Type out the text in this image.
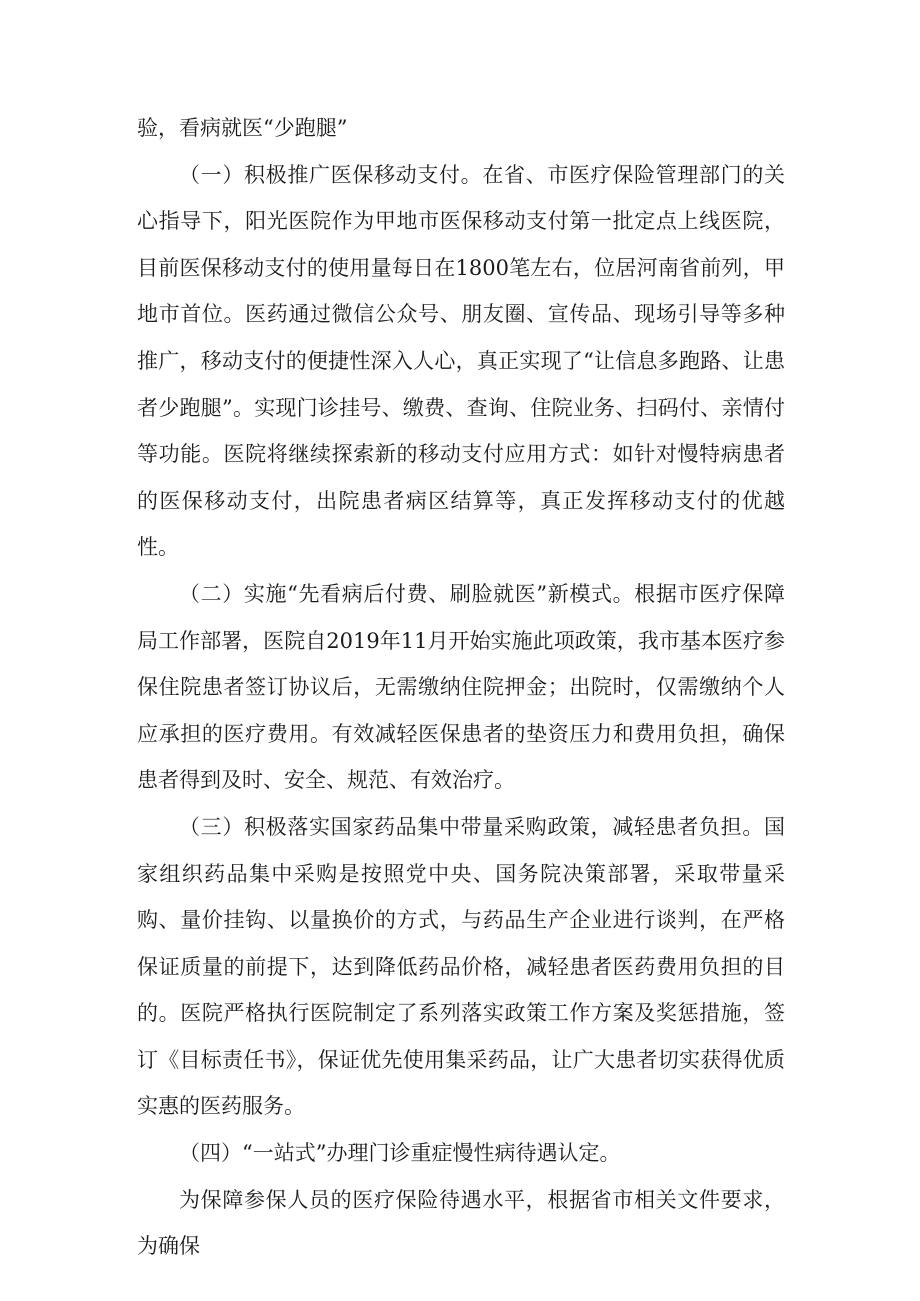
验，看病就医“少跑腿”

（一）积极推广医保移动支付。在省、市医疗保险管理部门的关心指导下，阳光医院作为甲地市医保移动支付第一批定点上线医院，目前医保移动支付的使用量每日在1800笔左右，位居河南省前列，甲地市首位。医药通过微信公众号、朋友圈、宣传品、现场引导等多种推广，移动支付的便捷性深入人心，真正实现了“让信息多跑路、让患者少跑腿”。实现门诊挂号、缴费、查询、住院业务、扫码付、亲情付等功能。医院将继续探索新的移动支付应用方式：如针对慢特病患者的医保移动支付，出院患者病区结算等，真正发挥移动支付的优越性。

（二）实施“先看病后付费、刷脸就医”新模式。根据市医疗保障局工作部署，医院自2019年11月开始实施此项政策，我市基本医疗参保住院患者签订协议后，无需缴纳住院押金；出院时，仅需缴纳个人应承担的医疗费用。有效减轻医保患者的垫资压力和费用负担，确保患者得到及时、安全、规范、有效治疗。

（三）积极落实国家药品集中带量采购政策，减轻患者负担。国家组织药品集中采购是按照党中央、国务院决策部署，采取带量采购、量价挂钩、以量换价的方式，与药品生产企业进行谈判，在严格保证质量的前提下，达到降低药品价格，减轻患者医药费用负担的目的。医院严格执行医院制定了系列落实政策工作方案及奖惩措施，签订《目标责任书》，保证优先使用集采药品，让广大患者切实获得优质实惠的医药服务。

（四）“一站式”办理门诊重症慢性病待遇认定。

为保障参保人员的医疗保险待遇水平，根据省市相关文件要求，为确保
